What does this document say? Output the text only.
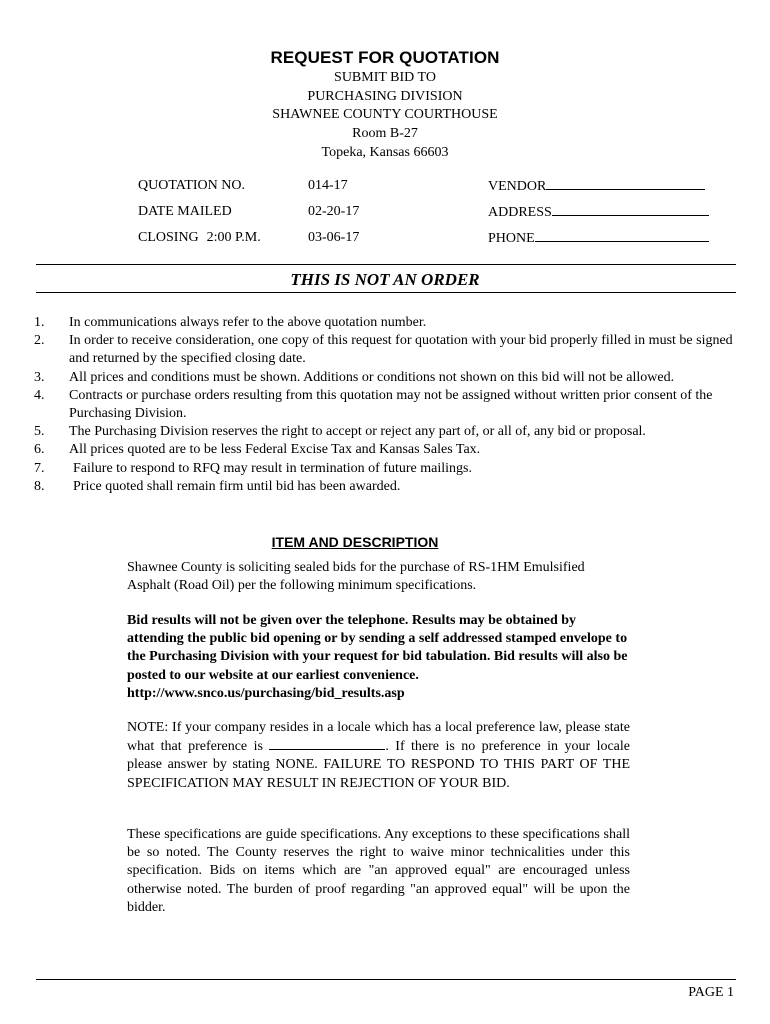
REQUEST FOR QUOTATION
SUBMIT BID TO
PURCHASING DIVISION
SHAWNEE COUNTY COURTHOUSE
Room B-27
Topeka, Kansas 66603
QUOTATION NO.	014-17	VENDOR
DATE MAILED	02-20-17	ADDRESS
CLOSING 2:00 P.M.	03-06-17	PHONE
THIS IS NOT AN ORDER
1. In communications always refer to the above quotation number.
2. In order to receive consideration, one copy of this request for quotation with your bid properly filled in must be signed and returned by the specified closing date.
3. All prices and conditions must be shown. Additions or conditions not shown on this bid will not be allowed.
4. Contracts or purchase orders resulting from this quotation may not be assigned without written prior consent of the Purchasing Division.
5. The Purchasing Division reserves the right to accept or reject any part of, or all of, any bid or proposal.
6. All prices quoted are to be less Federal Excise Tax and Kansas Sales Tax.
7. Failure to respond to RFQ may result in termination of future mailings.
8. Price quoted shall remain firm until bid has been awarded.
ITEM AND DESCRIPTION

Shawnee County is soliciting sealed bids for the purchase of RS-1HM Emulsified Asphalt (Road Oil) per the following minimum specifications.

Bid results will not be given over the telephone. Results may be obtained by attending the public bid opening or by sending a self addressed stamped envelope to the Purchasing Division with your request for bid tabulation. Bid results will also be posted to our website at our earliest convenience.
http://www.snco.us/purchasing/bid_results.asp

NOTE: If your company resides in a locale which has a local preference law, please state what that preference is	. If there is no preference in your locale please answer by stating NONE. FAILURE TO RESPOND TO THIS PART OF THE SPECIFICATION MAY RESULT IN REJECTION OF YOUR BID.

These specifications are guide specifications. Any exceptions to these specifications shall be so noted. The County reserves the right to waive minor technicalities under this specification. Bids on items which are "an approved equal" are encouraged unless otherwise noted. The burden of proof regarding "an approved equal" will be upon the bidder.

PAGE 1
